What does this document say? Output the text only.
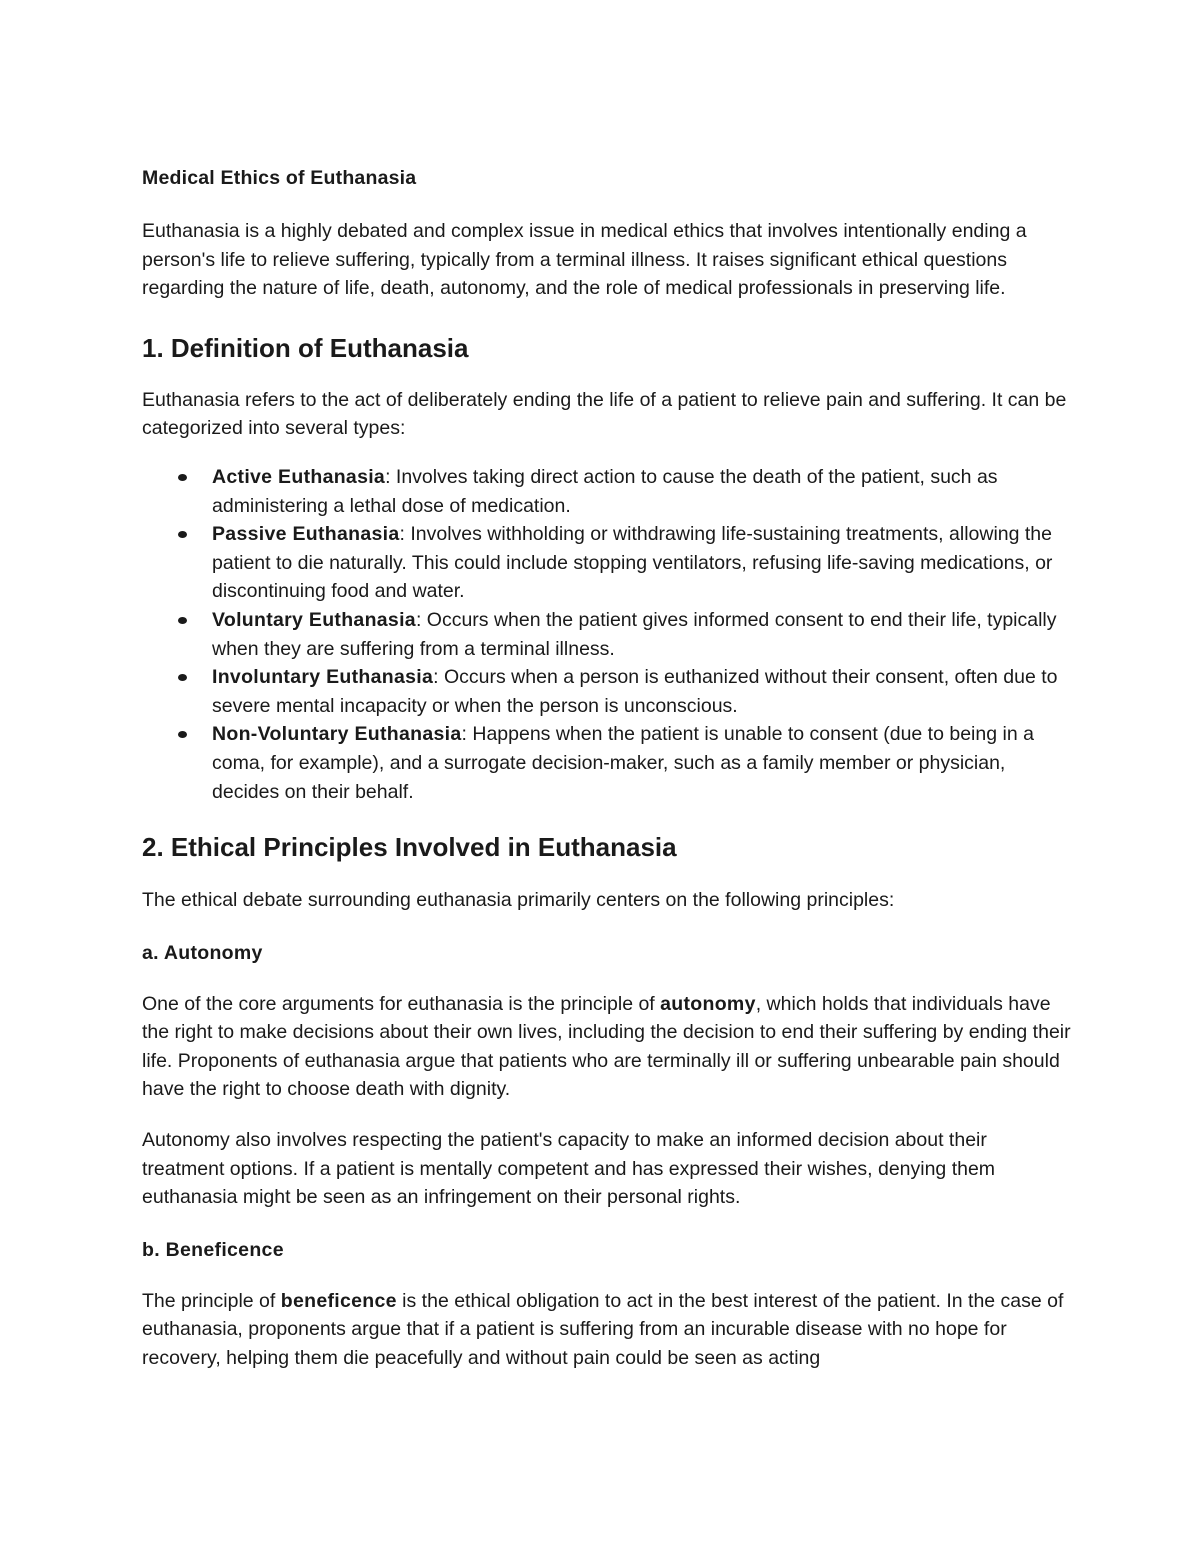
Medical Ethics of Euthanasia

Euthanasia is a highly debated and complex issue in medical ethics that involves intentionally ending a person's life to relieve suffering, typically from a terminal illness. It raises significant ethical questions regarding the nature of life, death, autonomy, and the role of medical professionals in preserving life.

1. Definition of Euthanasia

Euthanasia refers to the act of deliberately ending the life of a patient to relieve pain and suffering. It can be categorized into several types:

Active Euthanasia: Involves taking direct action to cause the death of the patient, such as administering a lethal dose of medication.
Passive Euthanasia: Involves withholding or withdrawing life-sustaining treatments, allowing the patient to die naturally. This could include stopping ventilators, refusing life-saving medications, or discontinuing food and water.
Voluntary Euthanasia: Occurs when the patient gives informed consent to end their life, typically when they are suffering from a terminal illness.
Involuntary Euthanasia: Occurs when a person is euthanized without their consent, often due to severe mental incapacity or when the person is unconscious.
Non-Voluntary Euthanasia: Happens when the patient is unable to consent (due to being in a coma, for example), and a surrogate decision-maker, such as a family member or physician, decides on their behalf.
2. Ethical Principles Involved in Euthanasia

The ethical debate surrounding euthanasia primarily centers on the following principles:

a. Autonomy

One of the core arguments for euthanasia is the principle of autonomy, which holds that individuals have the right to make decisions about their own lives, including the decision to end their suffering by ending their life. Proponents of euthanasia argue that patients who are terminally ill or suffering unbearable pain should have the right to choose death with dignity.

Autonomy also involves respecting the patient's capacity to make an informed decision about their treatment options. If a patient is mentally competent and has expressed their wishes, denying them euthanasia might be seen as an infringement on their personal rights.

b. Beneficence

The principle of beneficence is the ethical obligation to act in the best interest of the patient. In the case of euthanasia, proponents argue that if a patient is suffering from an incurable disease with no hope for recovery, helping them die peacefully and without pain could be seen as acting
